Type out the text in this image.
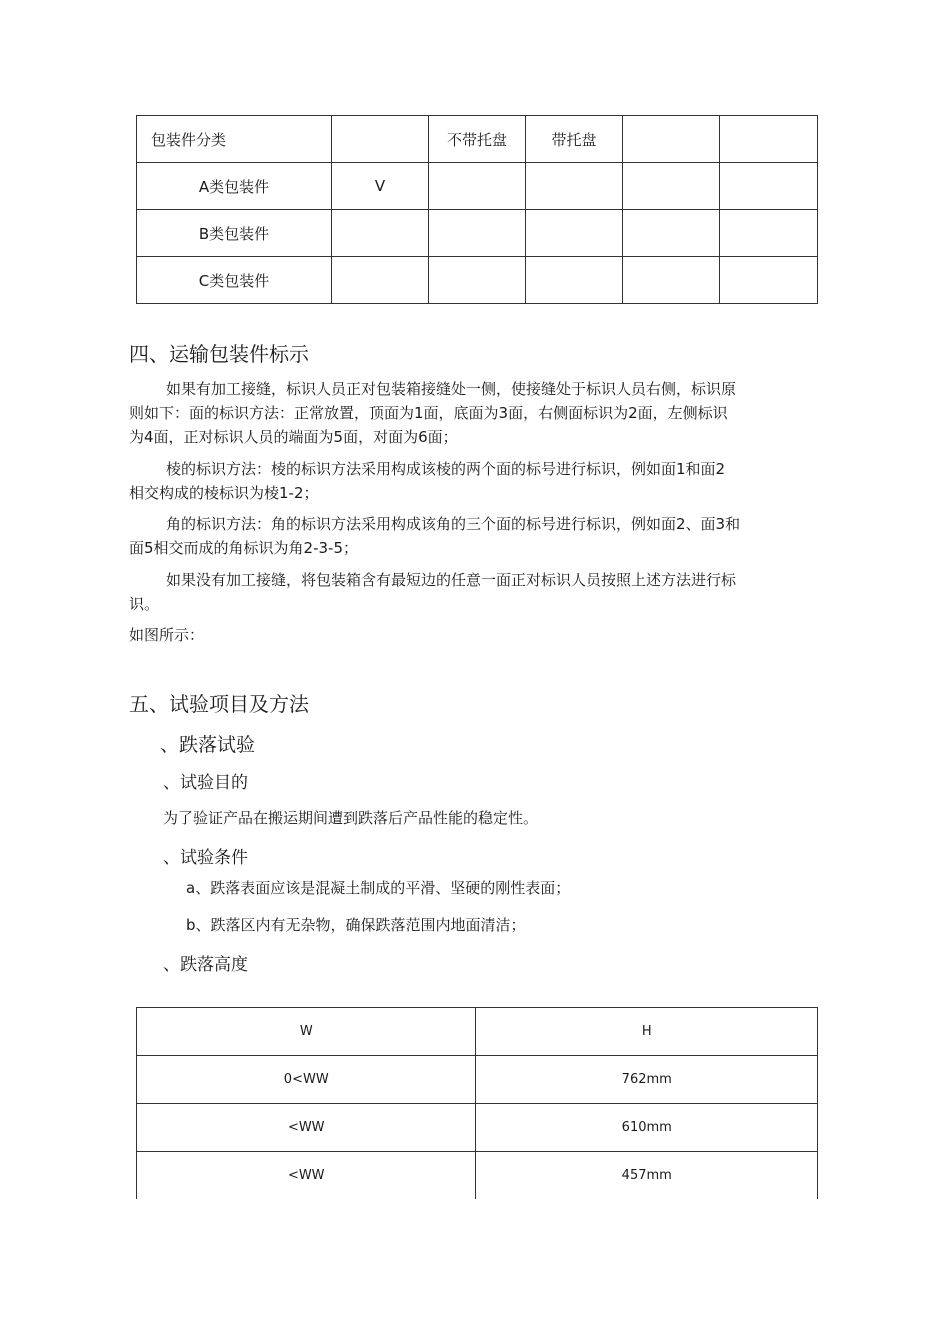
包装件分类		不带托盘	带托盘		
A类包装件	V				
B类包装件					
C类包装件					
四、运输包装件标示
如果有加工接缝，标识人员正对包装箱接缝处一侧，使接缝处于标识人员右侧，标识原
则如下：面的标识方法：正常放置，顶面为1面，底面为3面，右侧面标识为2面，左侧标识
为4面，正对标识人员的端面为5面，对面为6面；
棱的标识方法：棱的标识方法采用构成该棱的两个面的标号进行标识，例如面1和面2
相交构成的棱标识为棱1-2；
角的标识方法：角的标识方法采用构成该角的三个面的标号进行标识，例如面2、面3和
面5相交而成的角标识为角2-3-5；
如果没有加工接缝，将包装箱含有最短边的任意一面正对标识人员按照上述方法进行标
识。
如图所示：
五、试验项目及方法
、跌落试验
、试验目的
为了验证产品在搬运期间遭到跌落后产品性能的稳定性。
、试验条件
a、跌落表面应该是混凝土制成的平滑、坚硬的刚性表面；
b、跌落区内有无杂物，确保跌落范围内地面清洁；
、跌落高度
W	H
0<WW	762mm
<WW	610mm
<WW	457mm
